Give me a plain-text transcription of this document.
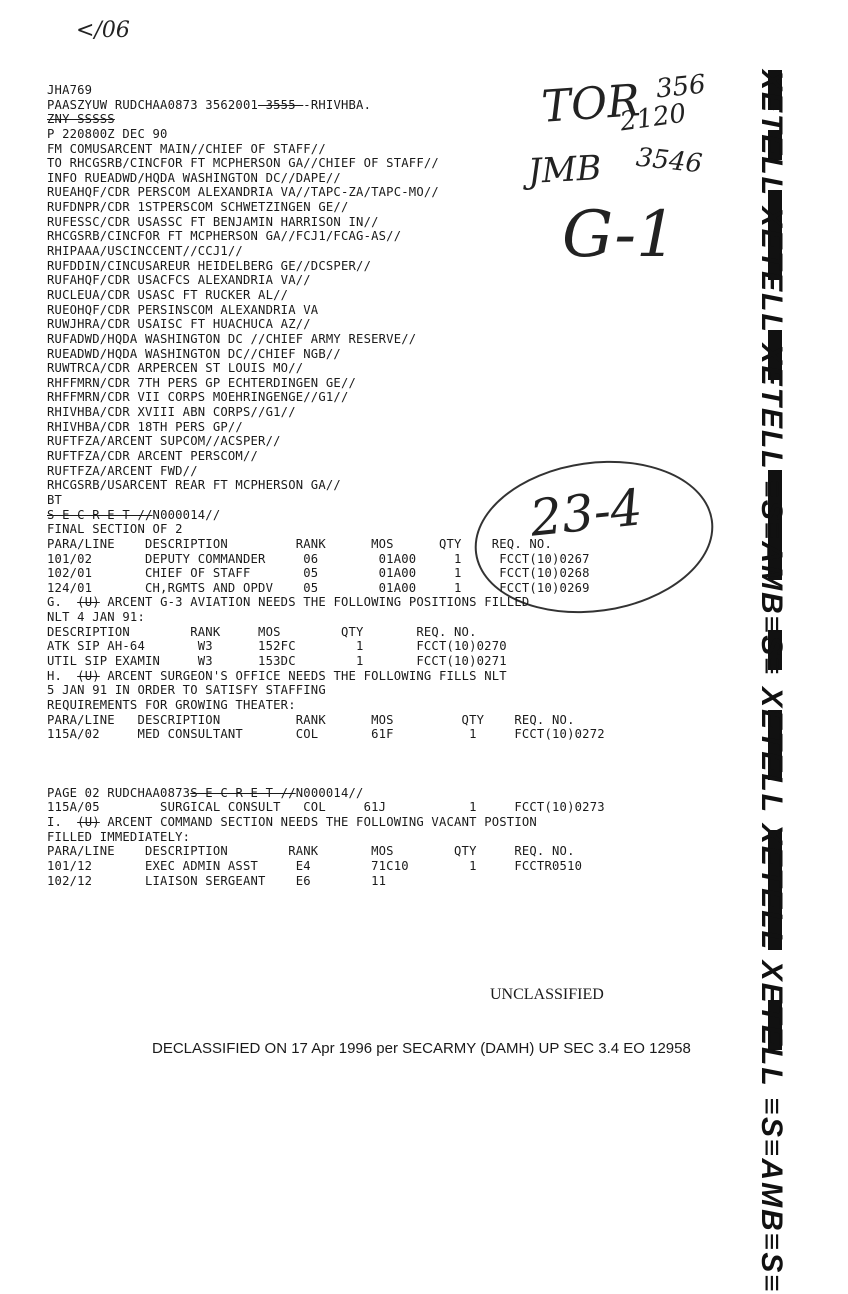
</06
TOR 356
2120
JMB 3546
G-1
23-4
JHA769
PAASZYUW RUDCHAA0873 3562001-3555--RHIVHBA.
ZNY SSSSS
P 220800Z DEC 90
FM COMUSARCENT MAIN//CHIEF OF STAFF//
TO RHCGSRB/CINCFOR FT MCPHERSON GA//CHIEF OF STAFF//
INFO RUEADWD/HQDA WASHINGTON DC//DAPE//
RUEAHQF/CDR PERSCOM ALEXANDRIA VA//TAPC-ZA/TAPC-MO//
RUFDNPR/CDR 1STPERSCOM SCHWETZINGEN GE//
RUFESSC/CDR USASSC FT BENJAMIN HARRISON IN//
RHCGSRB/CINCFOR FT MCPHERSON GA//FCJ1/FCAG-AS//
RHIPAAA/USCINCCENT//CCJ1//
RUFDDIN/CINCUSAREUR HEIDELBERG GE//DCSPER//
RUFAHQF/CDR USACFCS ALEXANDRIA VA//
RUCLEUA/CDR USASC FT RUCKER AL//
RUEOHQF/CDR PERSINSCOM ALEXANDRIA VA
RUWJHRA/CDR USAISC FT HUACHUCA AZ//
RUFADWD/HQDA WASHINGTON DC //CHIEF ARMY RESERVE//
RUEADWD/HQDA WASHINGTON DC//CHIEF NGB//
RUWTRCA/CDR ARPERCEN ST LOUIS MO//
RHFFMRN/CDR 7TH PERS GP ECHTERDINGEN GE//
RHFFMRN/CDR VII CORPS MOEHRINGENGE//G1//
RHIVHBA/CDR XVIII ABN CORPS//G1//
RHIVHBA/CDR 18TH PERS GP//
RUFTFZA/ARCENT SUPCOM//ACSPER//
RUFTFZA/CDR ARCENT PERSCOM//
RUFTFZA/ARCENT FWD//
RHCGSRB/USARCENT REAR FT MCPHERSON GA//
BT
S E C R E T //N000014//
FINAL SECTION OF 2
PARA/LINE    DESCRIPTION         RANK      MOS      QTY    REQ. NO.
101/02       DEPUTY COMMANDER     06        01A00     1     FCCT(10)0267
102/01       CHIEF OF STAFF       05        01A00     1     FCCT(10)0268
124/01       CH,RGMTS AND OPDV    05        01A00     1     FCCT(10)0269
G.  (U) ARCENT G-3 AVIATION NEEDS THE FOLLOWING POSITIONS FILLED
NLT 4 JAN 91:
DESCRIPTION        RANK     MOS        QTY       REQ. NO.
ATK SIP AH-64       W3      152FC        1       FCCT(10)0270
UTIL SIP EXAMIN     W3      153DC        1       FCCT(10)0271
H.  (U) ARCENT SURGEON'S OFFICE NEEDS THE FOLLOWING FILLS NLT
5 JAN 91 IN ORDER TO SATISFY STAFFING
REQUIREMENTS FOR GROWING THEATER:
PARA/LINE   DESCRIPTION          RANK      MOS         QTY    REQ. NO.
115A/02     MED CONSULTANT       COL       61F          1     FCCT(10)0272
PAGE 02 RUDCHAA0873S E C R E T //N000014//
115A/05        SURGICAL CONSULT   COL     61J           1     FCCT(10)0273
I.  (U) ARCENT COMMAND SECTION NEEDS THE FOLLOWING VACANT POSTION
FILLED IMMEDIATELY:
PARA/LINE    DESCRIPTION        RANK       MOS        QTY     REQ. NO.
101/12       EXEC ADMIN ASST     E4        71C10        1     FCCTR0510
102/12       LIAISON SERGEANT    E6        11
UNCLASSIFIED
DECLASSIFIED ON 17 Apr 1996 per SECARMY (DAMH) UP SEC 3.4 EO 12958 XETELL XETELL XETELL ≡S≡AMB≡S≡ XETELL XETELL XETELL ≡S≡AMB≡S≡
